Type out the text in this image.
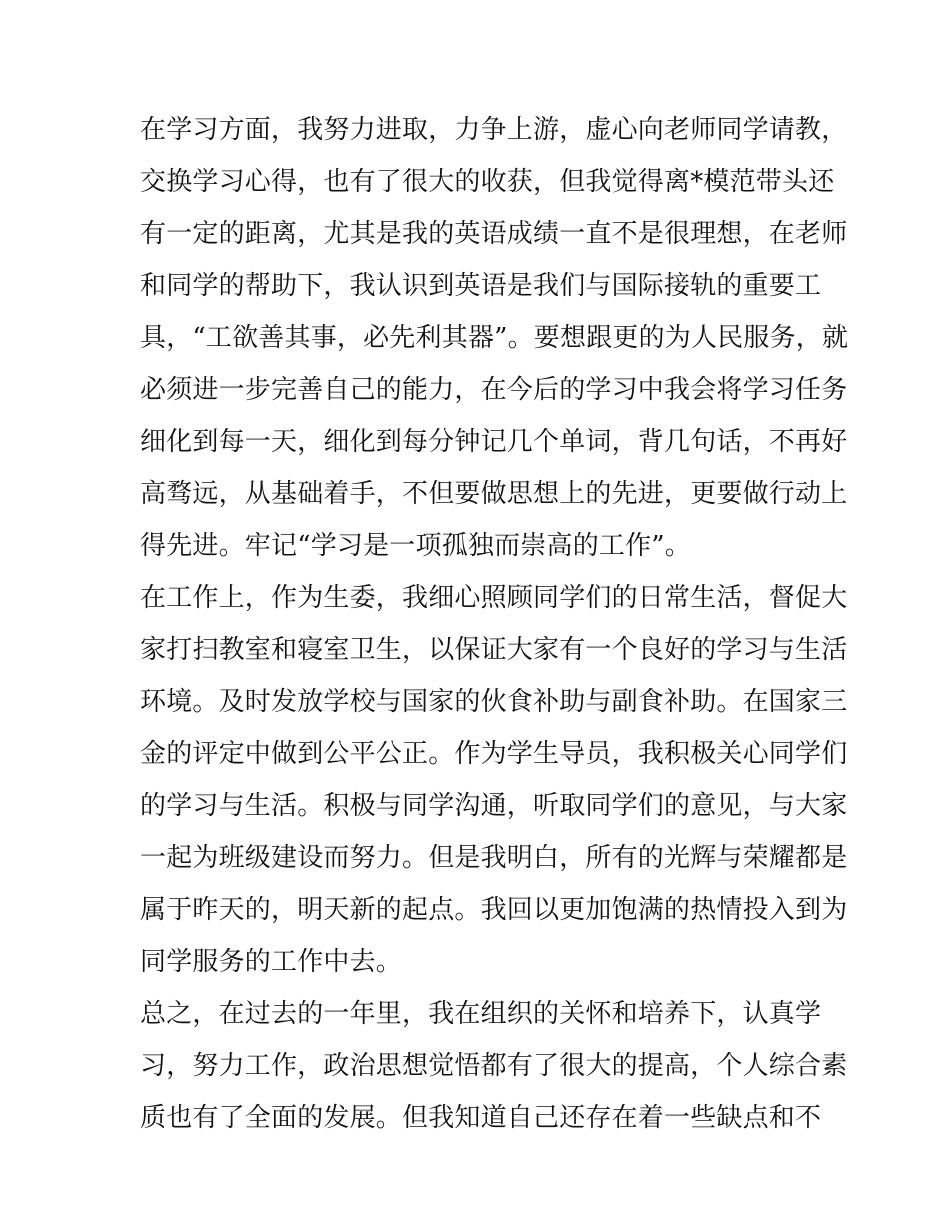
在学习方面，我努力进取，力争上游，虚心向老师同学请教，
交换学习心得，也有了很大的收获，但我觉得离*模范带头还
有一定的距离，尤其是我的英语成绩一直不是很理想，在老师
和同学的帮助下，我认识到英语是我们与国际接轨的重要工
具，“工欲善其事，必先利其器”。要想跟更的为人民服务，就
必须进一步完善自己的能力，在今后的学习中我会将学习任务
细化到每一天，细化到每分钟记几个单词，背几句话，不再好
高骛远，从基础着手，不但要做思想上的先进，更要做行动上
得先进。牢记“学习是一项孤独而崇高的工作”。
在工作上，作为生委，我细心照顾同学们的日常生活，督促大
家打扫教室和寝室卫生，以保证大家有一个良好的学习与生活
环境。及时发放学校与国家的伙食补助与副食补助。在国家三
金的评定中做到公平公正。作为学生导员，我积极关心同学们
的学习与生活。积极与同学沟通，听取同学们的意见，与大家
一起为班级建设而努力。但是我明白，所有的光辉与荣耀都是
属于昨天的，明天新的起点。我回以更加饱满的热情投入到为
同学服务的工作中去。
总之，在过去的一年里，我在组织的关怀和培养下，认真学
习，努力工作，政治思想觉悟都有了很大的提高，个人综合素
质也有了全面的发展。但我知道自己还存在着一些缺点和不
